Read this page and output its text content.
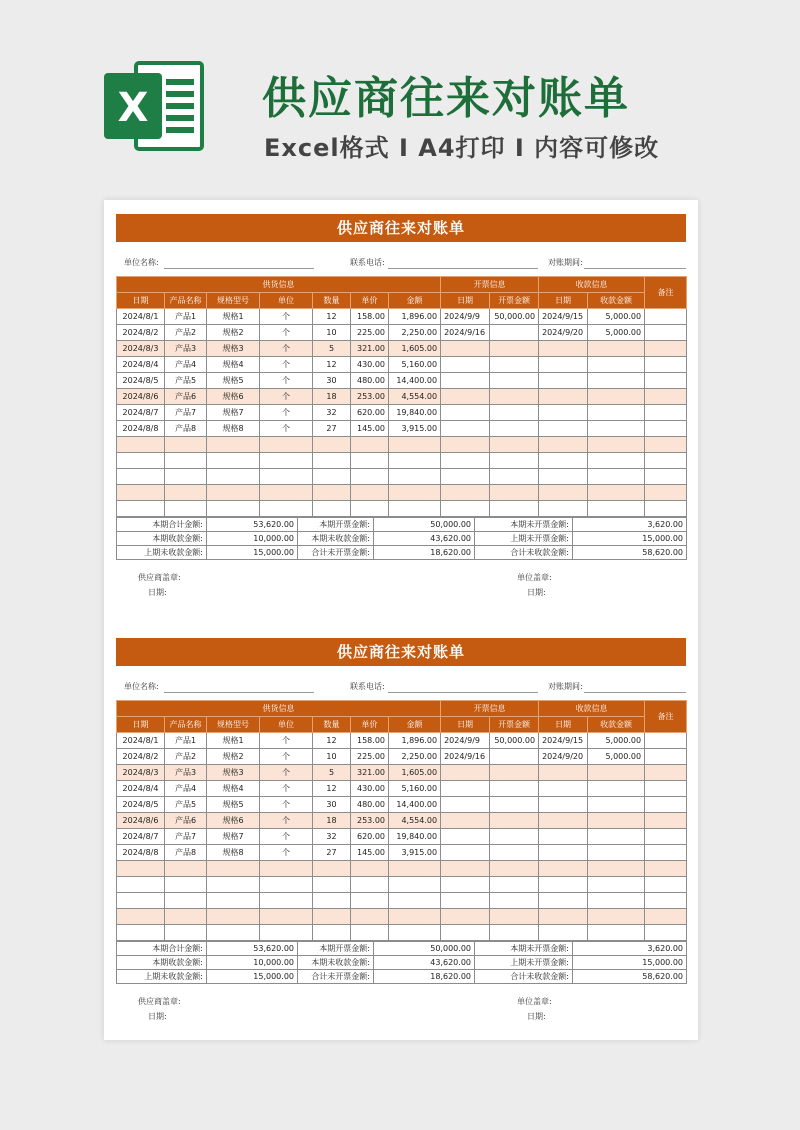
X	供应商往来对账单
Excel格式 I A4打印 I 内容可修改
供应商往来对账单
单位名称:	联系电话:	对账期间:
供货信息							开票信息		收款信息		备注
日期	产品名称	规格型号	单位	数量	单价	金额	日期	开票金额	日期	收款金额	
2024/8/1	产品1	规格1	个	12	158.00	1,896.00	2024/9/9	50,000.00	2024/9/15	5,000.00	
2024/8/2	产品2	规格2	个	10	225.00	2,250.00	2024/9/16		2024/9/20	5,000.00	
2024/8/3	产品3	规格3	个	5	321.00	1,605.00					
2024/8/4	产品4	规格4	个	12	430.00	5,160.00					
2024/8/5	产品5	规格5	个	30	480.00	14,400.00					
2024/8/6	产品6	规格6	个	18	253.00	4,554.00					
2024/8/7	产品7	规格7	个	32	620.00	19,840.00					
2024/8/8	产品8	规格8	个	27	145.00	3,915.00					

本期合计金额:	53,620.00	本期开票金额:	50,000.00	本期未开票金额:	3,620.00
本期收款金额:	10,000.00	本期未收款金额:	43,620.00	上期未开票金额:	15,000.00
上期未收款金额:	15,000.00	合计未开票金额:	18,620.00	合计未收款金额:	58,620.00
供应商盖章:
日期:
单位盖章:
日期:
供应商往来对账单
单位名称:	联系电话:	对账期间:
供货信息							开票信息		收款信息		备注
日期	产品名称	规格型号	单位	数量	单价	金额	日期	开票金额	日期	收款金额	
2024/8/1	产品1	规格1	个	12	158.00	1,896.00	2024/9/9	50,000.00	2024/9/15	5,000.00	
2024/8/2	产品2	规格2	个	10	225.00	2,250.00	2024/9/16		2024/9/20	5,000.00	
2024/8/3	产品3	规格3	个	5	321.00	1,605.00					
2024/8/4	产品4	规格4	个	12	430.00	5,160.00					
2024/8/5	产品5	规格5	个	30	480.00	14,400.00					
2024/8/6	产品6	规格6	个	18	253.00	4,554.00					
2024/8/7	产品7	规格7	个	32	620.00	19,840.00					
2024/8/8	产品8	规格8	个	27	145.00	3,915.00					

本期合计金额:	53,620.00	本期开票金额:	50,000.00	本期未开票金额:	3,620.00
本期收款金额:	10,000.00	本期未收款金额:	43,620.00	上期未开票金额:	15,000.00
上期未收款金额:	15,000.00	合计未开票金额:	18,620.00	合计未收款金额:	58,620.00
供应商盖章:
日期:
单位盖章:
日期:
